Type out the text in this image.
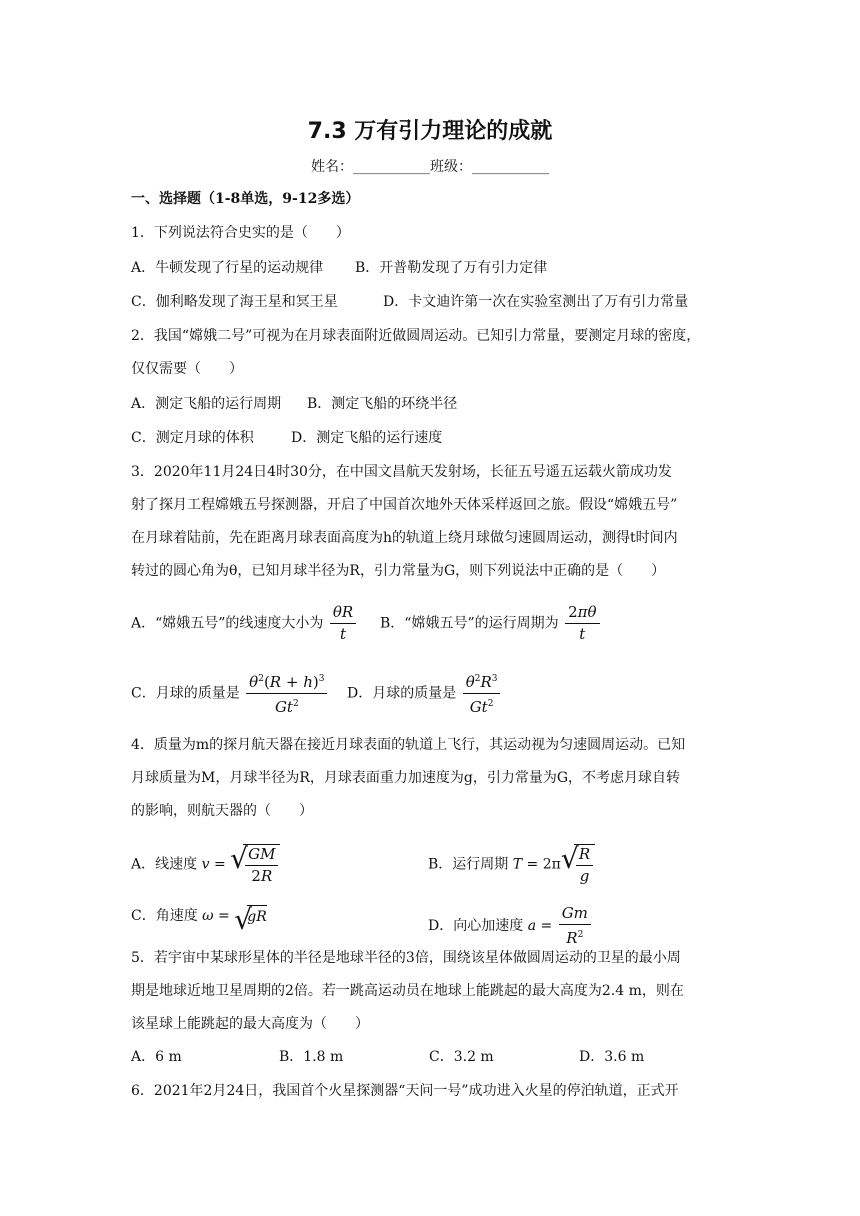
7.3 万有引力理论的成就
姓名：___________班级：___________
一、选择题（1-8单选，9-12多选）
1．下列说法符合史实的是（　　）
A．牛顿发现了行星的运动规律 B．开普勒发现了万有引力定律
C．伽利略发现了海王星和冥王星	D．卡文迪许第一次在实验室测出了万有引力常量
2．我国“嫦娥二号”可视为在月球表面附近做圆周运动。已知引力常量，要测定月球的密度，
仅仅需要（　　）
A．测定飞船的运行周期 B．测定飞船的环绕半径
C．测定月球的体积	D．测定飞船的运行速度
3．2020年11月24日4时30分，在中国文昌航天发射场，长征五号遥五运载火箭成功发
射了探月工程嫦娥五号探测器，开启了中国首次地外天体采样返回之旅。假设“嫦娥五号”
在月球着陆前，先在距离月球表面高度为h的轨道上绕月球做匀速圆周运动，测得t时间内
转过的圆心角为θ，已知月球半径为R，引力常量为G，则下列说法中正确的是（　　）
A．“嫦娥五号”的线速度大小为 $\frac{\theta R}{t}$ B．“嫦娥五号”的运行周期为 $\frac{2\pi\theta}{t}$
C．月球的质量是 $\frac{\theta^2(R + h)^3}{Gt^2}$ D．月球的质量是 $\frac{\theta^2R^3}{Gt^2}$
4．质量为m的探月航天器在接近月球表面的轨道上飞行，其运动视为匀速圆周运动。已知
月球质量为M，月球半径为R，月球表面重力加速度为g，引力常量为G，不考虑月球自转
的影响，则航天器的（　　）
A．线速度 v = √ $\frac{GM}{2R}$	B．运行周期 T = 2π √ $\frac{R}{g}$
C．角速度 ω = √ gR
D．向心加速度 $a = \frac{Gm}{R^2}$
5．若宇宙中某球形星体的半径是地球半径的3倍，围绕该星体做圆周运动的卫星的最小周
期是地球近地卫星周期的2倍。若一跳高运动员在地球上能跳起的最大高度为2.4 m，则在
该星球上能跳起的最大高度为（　　）
A．6 m	B．1.8 m	C．3.2 m	D．3.6 m
6．2021年2月24日，我国首个火星探测器“天问一号”成功进入火星的停泊轨道，正式开
